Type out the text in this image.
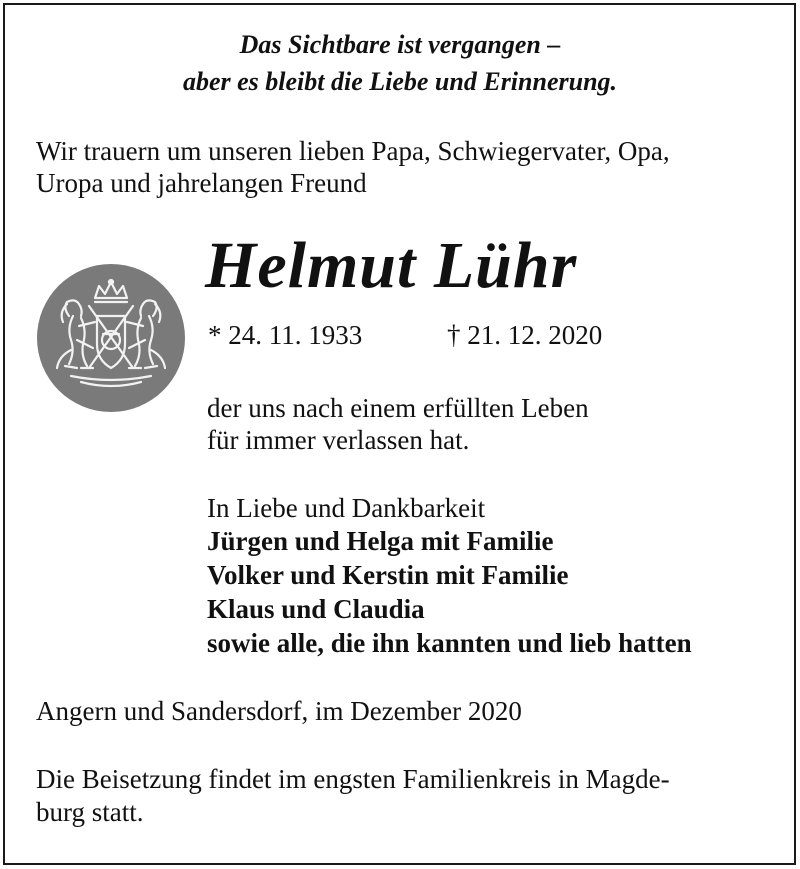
Das Sichtbare ist vergangen –
aber es bleibt die Liebe und Erinnerung.
Wir trauern um unseren lieben Papa, Schwiegervater, Opa,
Uropa und jahrelangen Freund
Helmut Lühr
* 24. 11. 1933	† 21. 12. 2020
der uns nach einem erfüllten Leben
für immer verlassen hat.
In Liebe und Dankbarkeit
Jürgen und Helga mit Familie
Volker und Kerstin mit Familie
Klaus und Claudia
sowie alle, die ihn kannten und lieb hatten
Angern und Sandersdorf, im Dezember 2020
Die Beisetzung findet im engsten Familienkreis in Magde-
burg statt.
